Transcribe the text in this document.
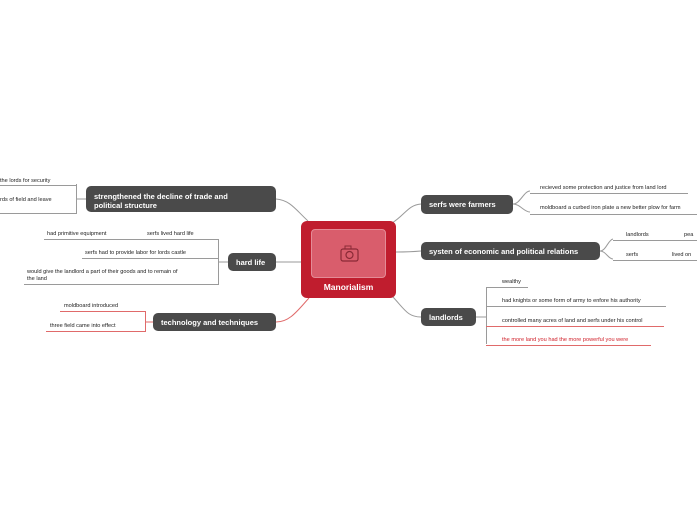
Manorialism
serfs were farmers
recieved some protection and justice from land lord
moldboard a curbed iron plate a new better plow for farm
systen of economic and political relations
landlords	pea
serfs	lived on
landlords
wealthy
had knights or some form of army to enfore his authority
controlled many acres of land and serfs under his control
the more land you had the more powerful you were
strengthened the decline of trade and
political structure
the lords for security
rds of field and leave
hard life
had primitive equipment	serfs lived hard life
serfs had to provide labor for lords castle
would give the landlord a part of their goods and to remain of
the land
technology and techniques
moldboard introduced
three field came into effect
